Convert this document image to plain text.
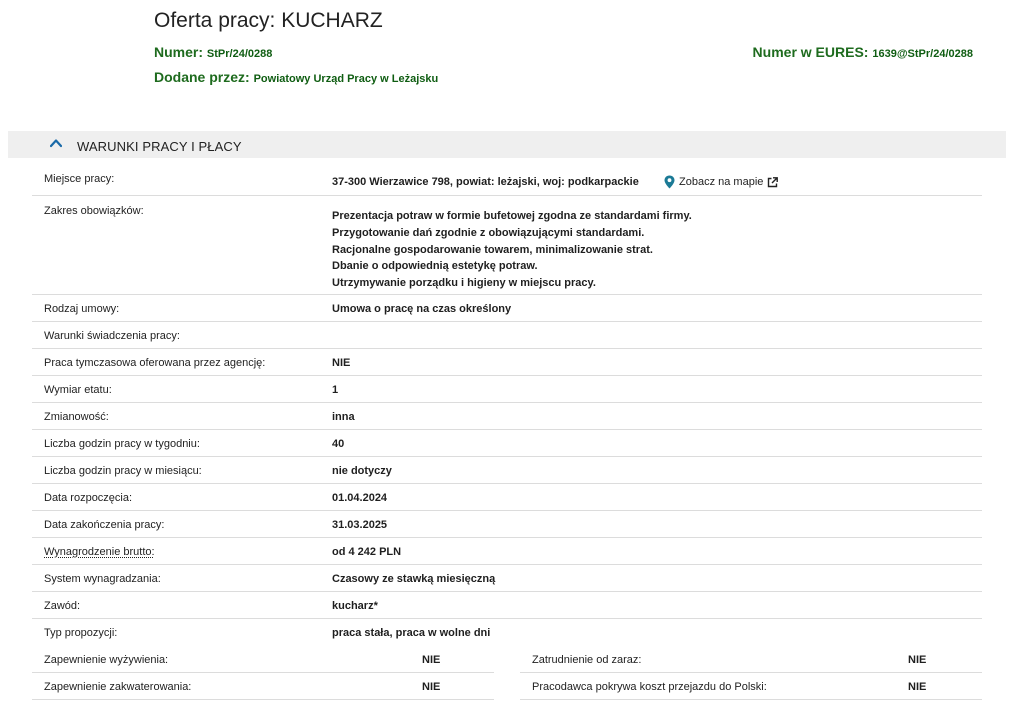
Oferta pracy: KUCHARZ
Numer: StPr/24/0288	Numer w EURES: 1639@StPr/24/0288
Dodane przez: Powiatowy Urząd Pracy w Leżajsku
WARUNKI PRACY I PŁACY
Miejsce pracy:	37-300 Wierzawice 798, powiat: leżajski, woj: podkarpackie	Zobacz na mapie
Zakres obowiązków:	Prezentacja potraw w formie bufetowej zgodna ze standardami firmy.
Przygotowanie dań zgodnie z obowiązującymi standardami.
Racjonalne gospodarowanie towarem, minimalizowanie strat.
Dbanie o odpowiednią estetykę potraw.
Utrzymywanie porządku i higieny w miejscu pracy.
Rodzaj umowy:	Umowa o pracę na czas określony
Warunki świadczenia pracy:
Praca tymczasowa oferowana przez agencję:	NIE
Wymiar etatu:	1
Zmianowość:	inna
Liczba godzin pracy w tygodniu:	40
Liczba godzin pracy w miesiącu:	nie dotyczy
Data rozpoczęcia:	01.04.2024
Data zakończenia pracy:	31.03.2025
Wynagrodzenie brutto:	od 4 242 PLN
System wynagradzania:	Czasowy ze stawką miesięczną
Zawód:	kucharz*
Typ propozycji:	praca stała, praca w wolne dni
Zapewnienie wyżywienia:	NIE
Zapewnienie zakwaterowania:	NIE
Zatrudnienie od zaraz:	NIE
Pracodawca pokrywa koszt przejazdu do Polski:	NIE
